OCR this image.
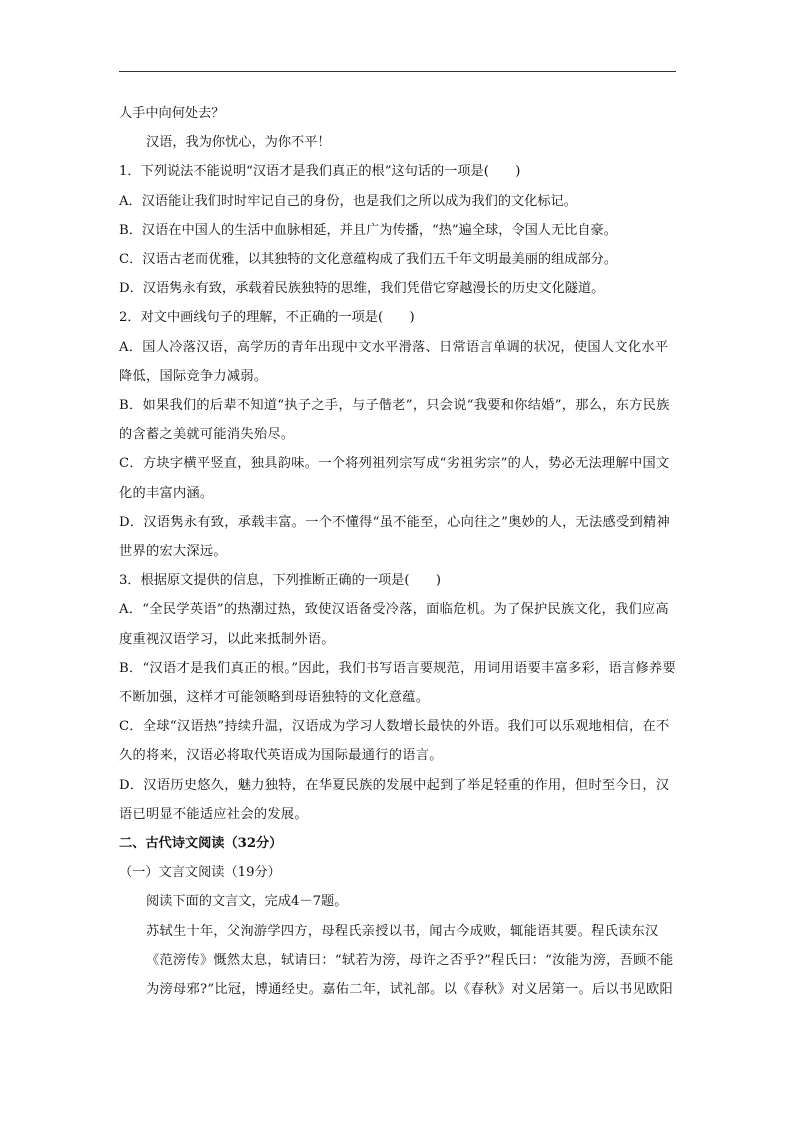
人手中向何处去？

汉语，我为你忧心，为你不平！

1．下列说法不能说明“汉语才是我们真正的根”这句话的一项是(　　)

A．汉语能让我们时时牢记自己的身份，也是我们之所以成为我们的文化标记。

B．汉语在中国人的生活中血脉相延，并且广为传播，“热”遍全球，令国人无比自豪。

C．汉语古老而优雅，以其独特的文化意蕴构成了我们五千年文明最美丽的组成部分。

D．汉语隽永有致，承载着民族独特的思维，我们凭借它穿越漫长的历史文化隧道。

2．对文中画线句子的理解，不正确的一项是(　　)

A．国人冷落汉语，高学历的青年出现中文水平滑落、日常语言单调的状况，使国人文化水平降低，国际竞争力减弱。

B．如果我们的后辈不知道“执子之手，与子偕老”，只会说“我要和你结婚”，那么，东方民族的含蓄之美就可能消失殆尽。

C．方块字横平竖直，独具韵味。一个将列祖列宗写成“劣祖劣宗”的人，势必无法理解中国文化的丰富内涵。

D．汉语隽永有致，承载丰富。一个不懂得“虽不能至，心向往之”奥妙的人，无法感受到精神世界的宏大深远。

3．根据原文提供的信息，下列推断正确的一项是(　　)

A．“全民学英语”的热潮过热，致使汉语备受冷落，面临危机。为了保护民族文化，我们应高度重视汉语学习，以此来抵制外语。

B．“汉语才是我们真正的根。”因此，我们书写语言要规范，用词用语要丰富多彩，语言修养要不断加强，这样才可能领略到母语独特的文化意蕴。

C．全球“汉语热”持续升温，汉语成为学习人数增长最快的外语。我们可以乐观地相信，在不久的将来，汉语必将取代英语成为国际最通行的语言。

D．汉语历史悠久，魅力独特，在华夏民族的发展中起到了举足轻重的作用，但时至今日，汉语已明显不能适应社会的发展。

二、古代诗文阅读（32分）

（一）文言文阅读（19分）

阅读下面的文言文，完成4－7题。

苏轼生十年，父洵游学四方，母程氏亲授以书，闻古今成败，辄能语其要。程氏读东汉《范滂传》慨然太息，轼请曰：“轼若为滂，母许之否乎?”程氏曰：“汝能为滂，吾顾不能为滂母邪?”比冠，博通经史。嘉佑二年，试礼部。以《春秋》对义居第一。后以书见欧阳
